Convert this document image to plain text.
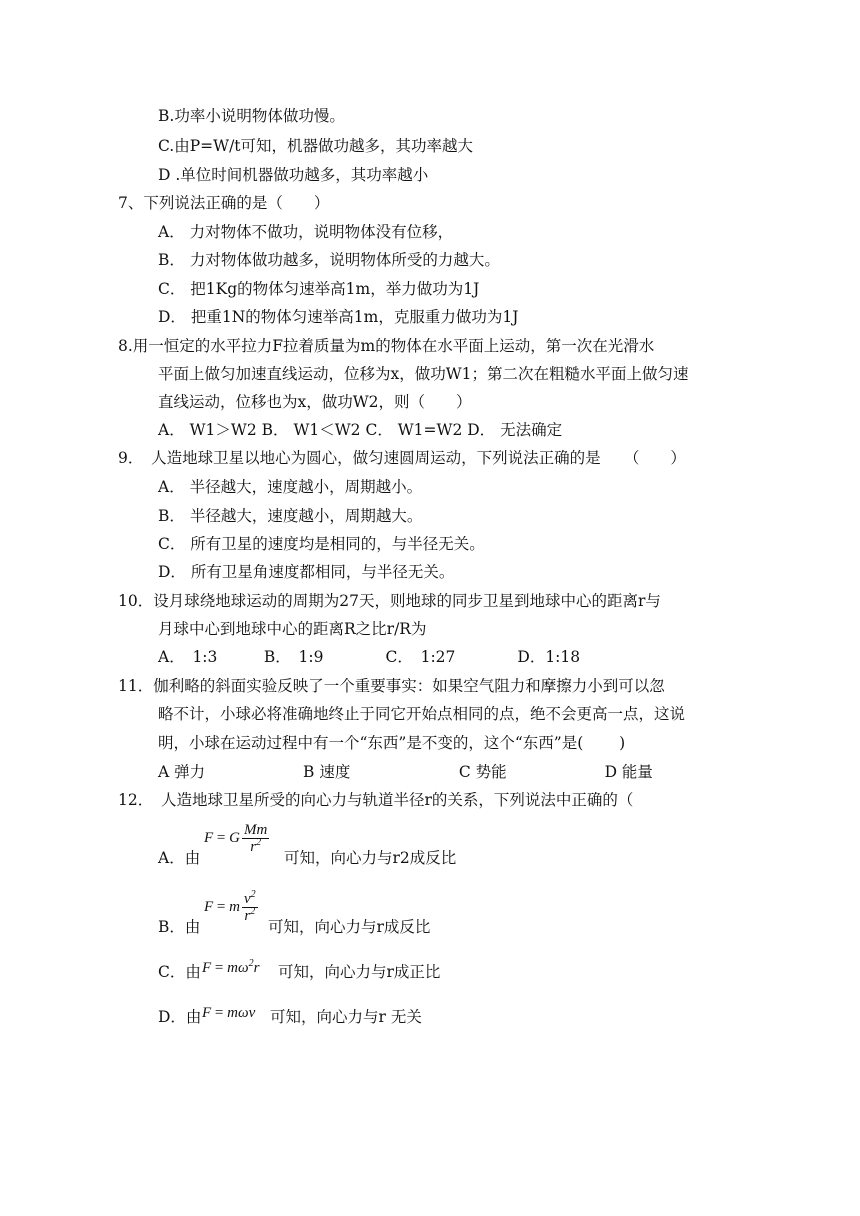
B.功率小说明物体做功慢。
C.由P=W/t可知，机器做功越多，其功率越大
D .单位时间机器做功越多，其功率越小
7、下列说法正确的是（　　）
A． 力对物体不做功，说明物体没有位移，
B． 力对物体做功越多，说明物体所受的力越大。
C． 把1Kg的物体匀速举高1m，举力做功为1J
D． 把重1N的物体匀速举高1m，克服重力做功为1J
8.用一恒定的水平拉力F拉着质量为m的物体在水平面上运动，第一次在光滑水
平面上做匀加速直线运动，位移为x，做功W1；第二次在粗糙水平面上做匀速
直线运动，位移也为x，做功W2，则（　　）
A． W1＞W2 B． W1＜W2 C． W1=W2 D． 无法确定
9．　人造地球卫星以地心为圆心，做匀速圆周运动，下列说法正确的是　　（　　）
A． 半径越大，速度越小，周期越小。
B． 半径越大，速度越小，周期越大。
C． 所有卫星的速度均是相同的，与半径无关。
D． 所有卫星角速度都相同，与半径无关。
10．设月球绕地球运动的周期为27天，则地球的同步卫星到地球中心的距离r与
月球中心到地球中心的距离R之比r/R为
A．　1:3　　　B．　1:9　　　　C．　1:27　　　　D．1:18
11．伽利略的斜面实验反映了一个重要事实：如果空气阻力和摩擦力小到可以忽
略不计，小球必将准确地终止于同它开始点相同的点，绝不会更高一点，这说
明，小球在运动过程中有一个“东西”是不变的，这个“东西”是(　　 )
A 弹力　　　　　　 B 速度　　　　　　　C 势能　　　　　　 D 能量
12．　人造地球卫星所受的向心力与轨道半径r的关系，下列说法中正确的（
A．由
F = G $\frac{Mm}{r^2}$
可知，向心力与r2成反比
B．由
F = m $\frac{v^2}{r^2}$
可知，向心力与r成反比
C．由 $F = m\omega^2r$ 可知，向心力与r成正比
D．由 F = mωv 可知，向心力与r 无关
